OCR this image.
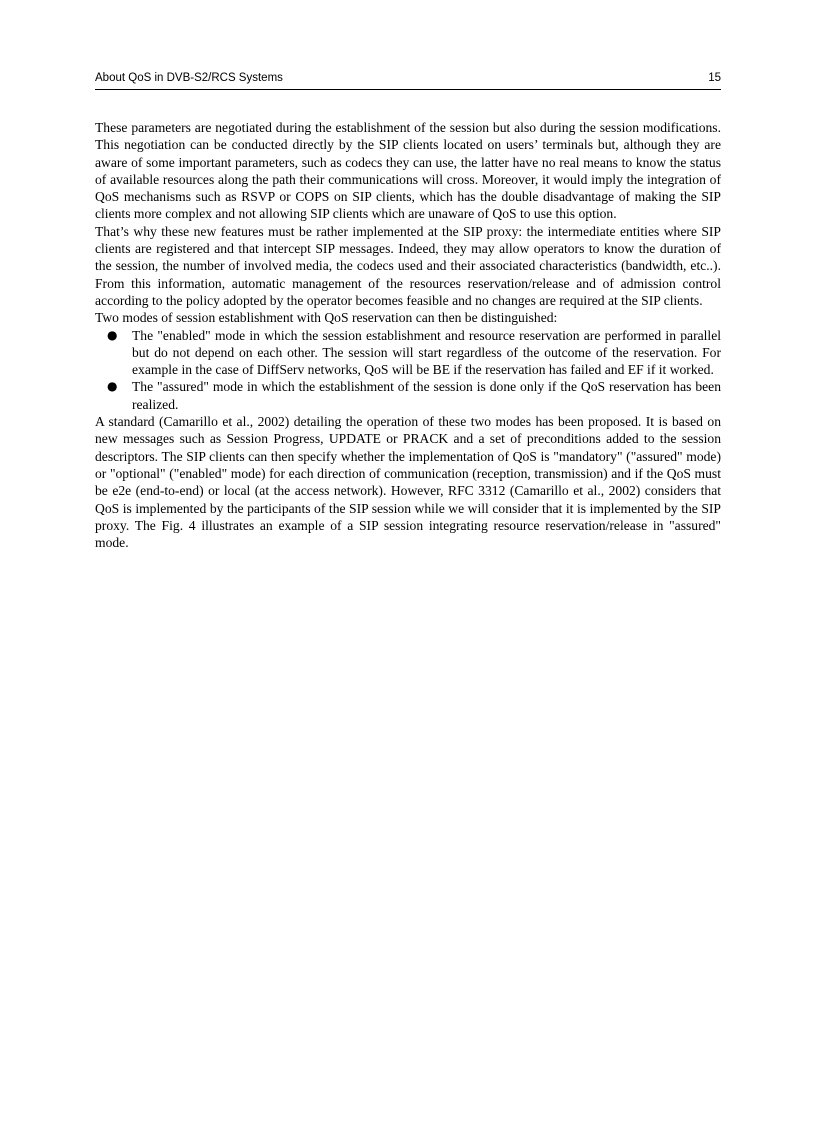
About QoS in DVB-S2/RCS Systems	15

These parameters are negotiated during the establishment of the session but also during the session modifications. This negotiation can be conducted directly by the SIP clients located on users’ terminals but, although they are aware of some important parameters, such as codecs they can use, the latter have no real means to know the status of available resources along the path their communications will cross. Moreover, it would imply the integration of QoS mechanisms such as RSVP or COPS on SIP clients, which has the double disadvantage of making the SIP clients more complex and not allowing SIP clients which are unaware of QoS to use this option.

That’s why these new features must be rather implemented at the SIP proxy: the intermediate entities where SIP clients are registered and that intercept SIP messages. Indeed, they may allow operators to know the duration of the session, the number of involved media, the codecs used and their associated characteristics (bandwidth, etc..). From this information, automatic management of the resources reservation/release and of admission control according to the policy adopted by the operator becomes feasible and no changes are required at the SIP clients.

Two modes of session establishment with QoS reservation can then be distinguished:

● The "enabled" mode in which the session establishment and resource reservation are performed in parallel but do not depend on each other. The session will start regardless of the outcome of the reservation. For example in the case of DiffServ networks, QoS will be BE if the reservation has failed and EF if it worked.
● The "assured" mode in which the establishment of the session is done only if the QoS reservation has been realized.

A standard (Camarillo et al., 2002) detailing the operation of these two modes has been proposed. It is based on new messages such as Session Progress, UPDATE or PRACK and a set of preconditions added to the session descriptors. The SIP clients can then specify whether the implementation of QoS is "mandatory" ("assured" mode) or "optional" ("enabled" mode) for each direction of communication (reception, transmission) and if the QoS must be e2e (end-to-end) or local (at the access network). However, RFC 3312 (Camarillo et al., 2002) considers that QoS is implemented by the participants of the SIP session while we will consider that it is implemented by the SIP proxy. The Fig. 4 illustrates an example of a SIP session integrating resource reservation/release in "assured" mode.
